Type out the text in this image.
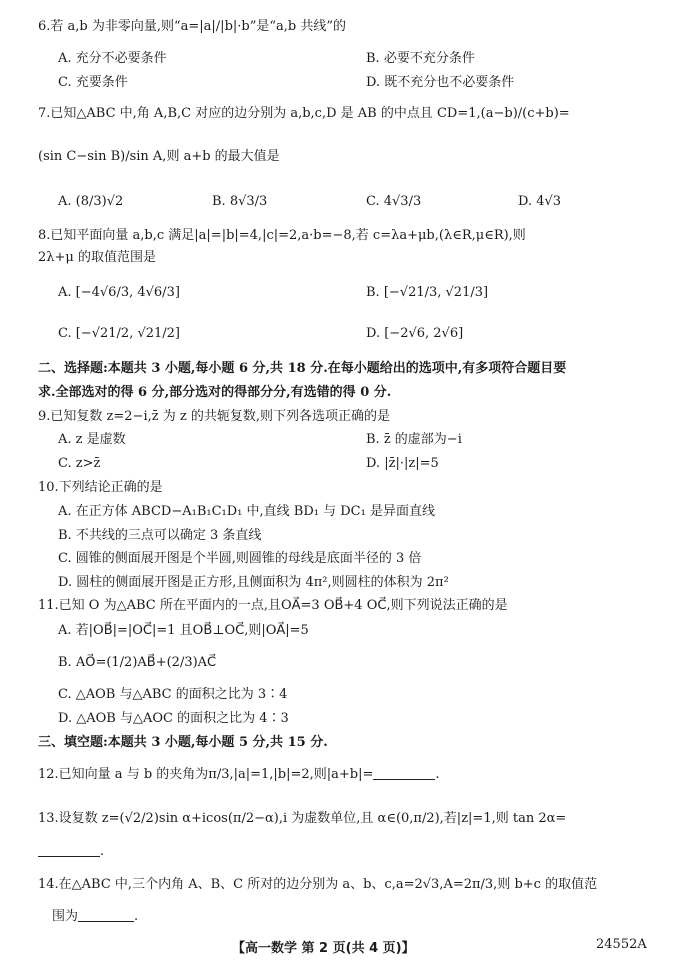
6.若 a,b 为非零向量,则“a=|a|/|b|·b”是“a,b 共线”的
A. 充分不必要条件	B. 必要不充分条件
C. 充要条件	D. 既不充分也不必要条件
7.已知△ABC 中,角 A,B,C 对应的边分别为 a,b,c,D 是 AB 的中点且 CD=1,(a−b)/(c+b)=
(sin C−sin B)/sin A,则 a+b 的最大值是
A. (8/3)√2	B. 8√3/3	C. 4√3/3	D. 4√3
8.已知平面向量 a,b,c 满足|a|=|b|=4,|c|=2,a·b=−8,若 c=λa+μb,(λ∈R,μ∈R),则
2λ+μ 的取值范围是
A. [−4√6/3, 4√6/3]	B. [−√21/3, √21/3]
C. [−√21/2, √21/2]	D. [−2√6, 2√6]
二、选择题:本题共 3 小题,每小题 6 分,共 18 分.在每小题给出的选项中,有多项符合题目要
求.全部选对的得 6 分,部分选对的得部分分,有选错的得 0 分.
9.已知复数 z=2−i,z̄ 为 z 的共轭复数,则下列各选项正确的是
A. z 是虚数	B. z̄ 的虚部为−i
C. z>z̄	D. |z̄|·|z|=5
10.下列结论正确的是
A. 在正方体 ABCD−A₁B₁C₁D₁ 中,直线 BD₁ 与 DC₁ 是异面直线
B. 不共线的三点可以确定 3 条直线
C. 圆锥的侧面展开图是个半圆,则圆锥的母线是底面半径的 3 倍
D. 圆柱的侧面展开图是正方形,且侧面积为 4π²,则圆柱的体积为 2π²
11.已知 O 为△ABC 所在平面内的一点,且OA⃗=3 OB⃗+4 OC⃗,则下列说法正确的是
A. 若|OB⃗|=|OC⃗|=1 且OB⃗⊥OC⃗,则|OA⃗|=5
B. AO⃗=(1/2)AB⃗+(2/3)AC⃗
C. △AOB 与△ABC 的面积之比为 3∶4
D. △AOB 与△AOC 的面积之比为 4∶3
三、填空题:本题共 3 小题,每小题 5 分,共 15 分.
12.已知向量 a 与 b 的夹角为π/3,|a|=1,|b|=2,则|a+b|=	.
13.设复数 z=(√2/2)sin α+icos(π/2−α),i 为虚数单位,且 α∈(0,π/2),若|z|=1,则 tan 2α=
.
14.在△ABC 中,三个内角 A、B、C 所对的边分别为 a、b、c,a=2√3,A=2π/3,则 b+c 的取值范
围为	.
【高一数学 第 2 页(共 4 页)】	24552A
